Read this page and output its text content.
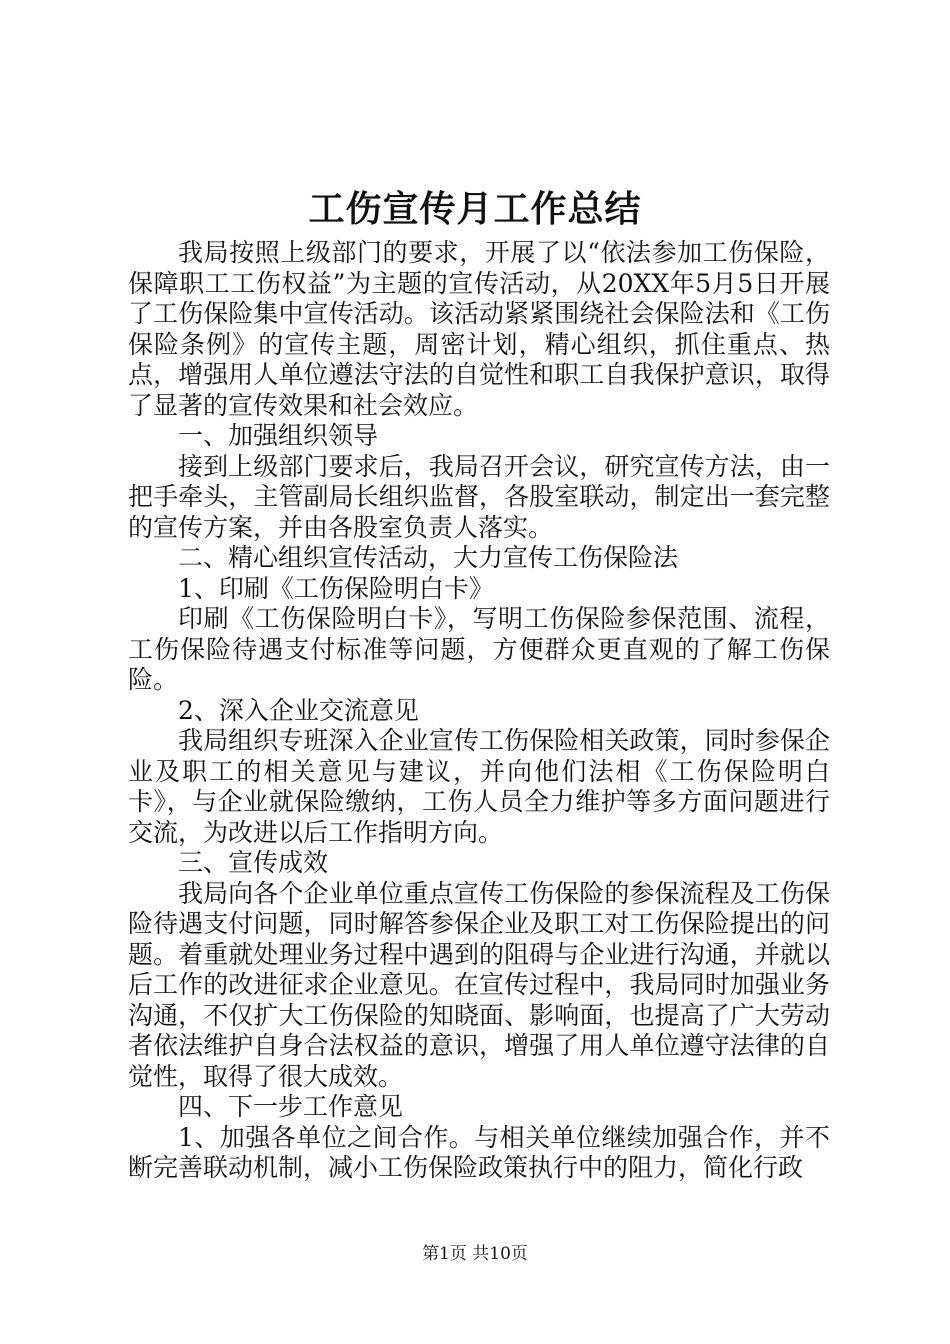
工伤宣传月工作总结

我局按照上级部门的要求，开展了以“依法参加工伤保险，保障职工工伤权益”为主题的宣传活动，从20XX年5月5日开展了工伤保险集中宣传活动。该活动紧紧围绕社会保险法和《工伤保险条例》的宣传主题，周密计划，精心组织，抓住重点、热点，增强用人单位遵法守法的自觉性和职工自我保护意识，取得了显著的宣传效果和社会效应。

一、加强组织领导

接到上级部门要求后，我局召开会议，研究宣传方法，由一把手牵头，主管副局长组织监督，各股室联动，制定出一套完整的宣传方案，并由各股室负责人落实。

二、精心组织宣传活动，大力宣传工伤保险法

1、印刷《工伤保险明白卡》

印刷《工伤保险明白卡》，写明工伤保险参保范围、流程，工伤保险待遇支付标准等问题，方便群众更直观的了解工伤保险。

2、深入企业交流意见

我局组织专班深入企业宣传工伤保险相关政策，同时参保企业及职工的相关意见与建议，并向他们法相《工伤保险明白卡》，与企业就保险缴纳，工伤人员全力维护等多方面问题进行交流，为改进以后工作指明方向。

三、宣传成效

我局向各个企业单位重点宣传工伤保险的参保流程及工伤保险待遇支付问题，同时解答参保企业及职工对工伤保险提出的问题。着重就处理业务过程中遇到的阻碍与企业进行沟通，并就以后工作的改进征求企业意见。在宣传过程中，我局同时加强业务沟通，不仅扩大工伤保险的知晓面、影响面，也提高了广大劳动者依法维护自身合法权益的意识，增强了用人单位遵守法律的自觉性，取得了很大成效。

四、下一步工作意见

1、加强各单位之间合作。与相关单位继续加强合作，并不断完善联动机制，减小工伤保险政策执行中的阻力，简化行政

第1页 共10页
